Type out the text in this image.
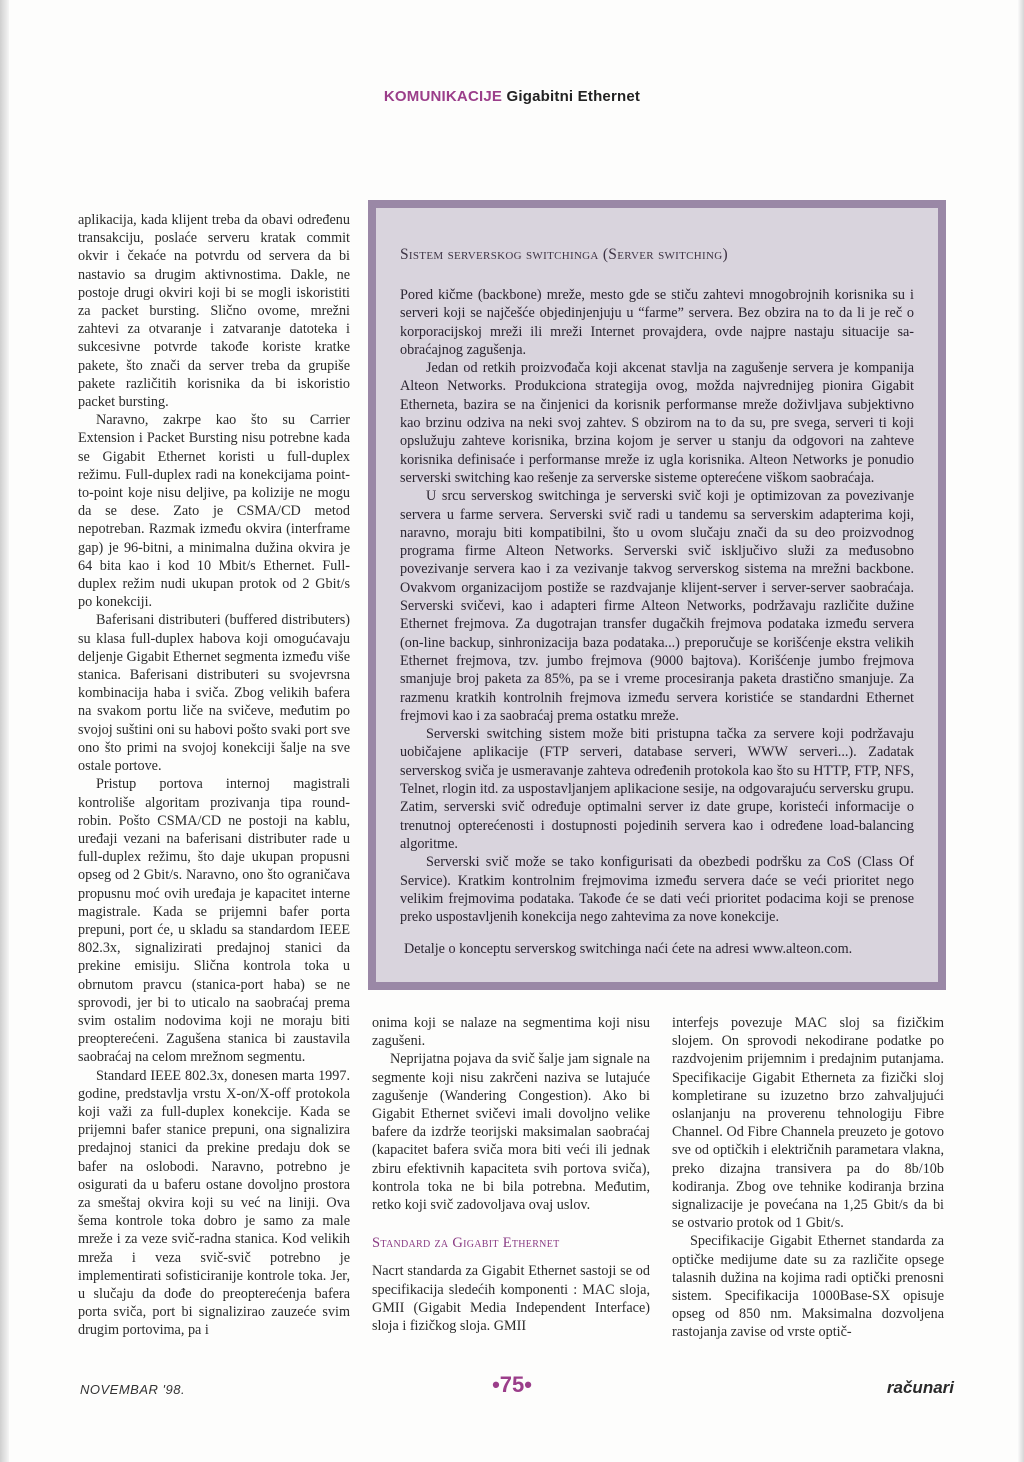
KOMUNIKACIJE Gigabitni Ethernet

aplikacija, kada klijent treba da obavi određenu transakciju, poslaće serveru kratak commit okvir i čekaće na potvrdu od servera da bi nastavio sa drugim aktivnostima. Dakle, ne postoje drugi okviri koji bi se mogli iskoristiti za packet bursting. Slično ovome, mrežni zahtevi za otvaranje i zatvaranje datoteka i sukcesivne potvrde takođe koriste kratke pakete, što znači da server treba da grupiše pakete različitih korisnika da bi iskoristio packet bursting.

Naravno, zakrpe kao što su Carrier Extension i Packet Bursting nisu potrebne kada se Gigabit Ethernet koristi u full-duplex režimu. Full-duplex radi na konekcijama point-to-point koje nisu deljive, pa kolizije ne mogu da se dese. Zato je CSMA/CD metod nepotreban. Razmak između okvira (interframe gap) je 96-bitni, a minimalna dužina okvira je 64 bita kao i kod 10 Mbit/s Ethernet. Full-duplex režim nudi ukupan protok od 2 Gbit/s po konekciji.

Baferisani distributeri (buffered distributers) su klasa full-duplex habova koji omogućavaju deljenje Gigabit Ethernet segmenta između više stanica. Baferisani distributeri su svojevrsna kombinacija haba i sviča. Zbog velikih bafera na svakom portu liče na svičeve, međutim po svojoj suštini oni su habovi pošto svaki port sve ono što primi na svojoj konekciji šalje na sve ostale portove.

Pristup portova internoj magistrali kontroliše algoritam prozivanja tipa round-robin. Pošto CSMA/CD ne postoji na kablu, uređaji vezani na baferisani distributer rade u full-duplex režimu, što daje ukupan propusni opseg od 2 Gbit/s. Naravno, ono što ograničava propusnu moć ovih uređaja je kapacitet interne magistrale. Kada se prijemni bafer porta prepuni, port će, u skladu sa standardom IEEE 802.3x, signalizirati predajnoj stanici da prekine emisiju. Slična kontrola toka u obrnutom pravcu (stanica-port haba) se ne sprovodi, jer bi to uticalo na saobraćaj prema svim ostalim nodovima koji ne moraju biti preopterećeni. Zagušena stanica bi zaustavila saobraćaj na celom mrežnom segmentu.

Standard IEEE 802.3x, donesen marta 1997. godine, predstavlja vrstu X-on/X-off protokola koji važi za full-duplex konekcije. Kada se prijemni bafer stanice prepuni, ona signalizira predajnoj stanici da prekine predaju dok se bafer na oslobodi. Naravno, potrebno je osigurati da u baferu ostane dovoljno prostora za smeštaj okvira koji su već na liniji. Ova šema kontrole toka dobro je samo za male mreže i za veze svič-radna stanica. Kod velikih mreža i veza svič-svič potrebno je implementirati sofisticiranije kontrole toka. Jer, u slučaju da dođe do preopterećenja bafera porta sviča, port bi signalizirao zauzeće svim drugim portovima, pa i

Sistem serverskog switchinga (Server switching)

Pored kičme (backbone) mreže, mesto gde se stiču zahtevi mnogobrojnih korisnika su i serveri koji se najčešće objedinjenjuju u “farme” servera. Bez obzira na to da li je reč o korporacijskoj mreži ili mreži Internet provajdera, ovde najpre nastaju situacije sa-obraćajnog zagušenja.

Jedan od retkih proizvođača koji akcenat stavlja na zagušenje servera je kompanija Alteon Networks. Produkciona strategija ovog, možda najvrednijeg pionira Gigabit Etherneta, bazira se na činjenici da korisnik performanse mreže doživljava subjektivno kao brzinu odziva na neki svoj zahtev. S obzirom na to da su, pre svega, serveri ti koji opslužuju zahteve korisnika, brzina kojom je server u stanju da odgovori na zahteve korisnika definisaće i performanse mreže iz ugla korisnika. Alteon Networks je ponudio serverski switching kao rešenje za serverske sisteme opterećene viškom saobraćaja.

U srcu serverskog switchinga je serverski svič koji je optimizovan za povezivanje servera u farme servera. Serverski svič radi u tandemu sa serverskim adapterima koji, naravno, moraju biti kompatibilni, što u ovom slučaju znači da su deo proizvodnog programa firme Alteon Networks. Serverski svič isključivo služi za međusobno povezivanje servera kao i za vezivanje takvog serverskog sistema na mrežni backbone. Ovakvom organizacijom postiže se razdvajanje klijent-server i server-server saobraćaja. Serverski svičevi, kao i adapteri firme Alteon Networks, podržavaju različite dužine Ethernet frejmova. Za dugotrajan transfer dugačkih frejmova podataka između servera (on-line backup, sinhronizacija baza podataka...) preporučuje se korišćenje ekstra velikih Ethernet frejmova, tzv. jumbo frejmova (9000 bajtova). Korišćenje jumbo frejmova smanjuje broj paketa za 85%, pa se i vreme procesiranja paketa drastično smanjuje. Za razmenu kratkih kontrolnih frejmova između servera koristiće se standardni Ethernet frejmovi kao i za saobraćaj prema ostatku mreže.

Serverski switching sistem može biti pristupna tačka za servere koji podržavaju uobičajene aplikacije (FTP serveri, database serveri, WWW serveri...). Zadatak serverskog sviča je usmeravanje zahteva određenih protokola kao što su HTTP, FTP, NFS, Telnet, rlogin itd. za uspostavljanjem aplikacione sesije, na odgovarajuću serversku grupu. Zatim, serverski svič određuje optimalni server iz date grupe, koristeći informacije o trenutnoj opterećenosti i dostupnosti pojedinih servera kao i određene load-balancing algoritme.

Serverski svič može se tako konfigurisati da obezbedi podršku za CoS (Class Of Service). Kratkim kontrolnim frejmovima između servera daće se veći prioritet nego velikim frejmovima podataka. Takođe će se dati veći prioritet podacima koji se prenose preko uspostavljenih konekcija nego zahtevima za nove konekcije.

Detalje o konceptu serverskog switchinga naći ćete na adresi www.alteon.com.

onima koji se nalaze na segmentima koji nisu zagušeni.

Neprijatna pojava da svič šalje jam signale na segmente koji nisu zakrčeni naziva se lutajuće zagušenje (Wandering Congestion). Ako bi Gigabit Ethernet svičevi imali dovoljno velike bafere da izdrže teorijski maksimalan saobraćaj (kapacitet bafera sviča mora biti veći ili jednak zbiru efektivnih kapaciteta svih portova sviča), kontrola toka ne bi bila potrebna. Međutim, retko koji svič zadovoljava ovaj uslov.

Standard za Gigabit Ethernet

Nacrt standarda za Gigabit Ethernet sastoji se od specifikacija sledećih komponenti : MAC sloja, GMII (Gigabit Media Independent Interface) sloja i fizičkog sloja. GMII

interfejs povezuje MAC sloj sa fizičkim slojem. On sprovodi nekodirane podatke po razdvojenim prijemnim i predajnim putanjama. Specifikacije Gigabit Etherneta za fizički sloj kompletirane su izuzetno brzo zahvaljujući oslanjanju na proverenu tehnologiju Fibre Channel. Od Fibre Channela preuzeto je gotovo sve od optičkih i električnih parametara vlakna, preko dizajna transivera pa do 8b/10b kodiranja. Zbog ove tehnike kodiranja brzina signalizacije je povećana na 1,25 Gbit/s da bi se ostvario protok od 1 Gbit/s.

Specifikacije Gigabit Ethernet standarda za optičke medijume date su za različite opsege talasnih dužina na kojima radi optički prenosni sistem. Specifikacija 1000Base-SX opisuje opseg od 850 nm. Maksimalna dozvoljena rastojanja zavise od vrste optič-

NOVEMBAR '98.	•75•	računari
